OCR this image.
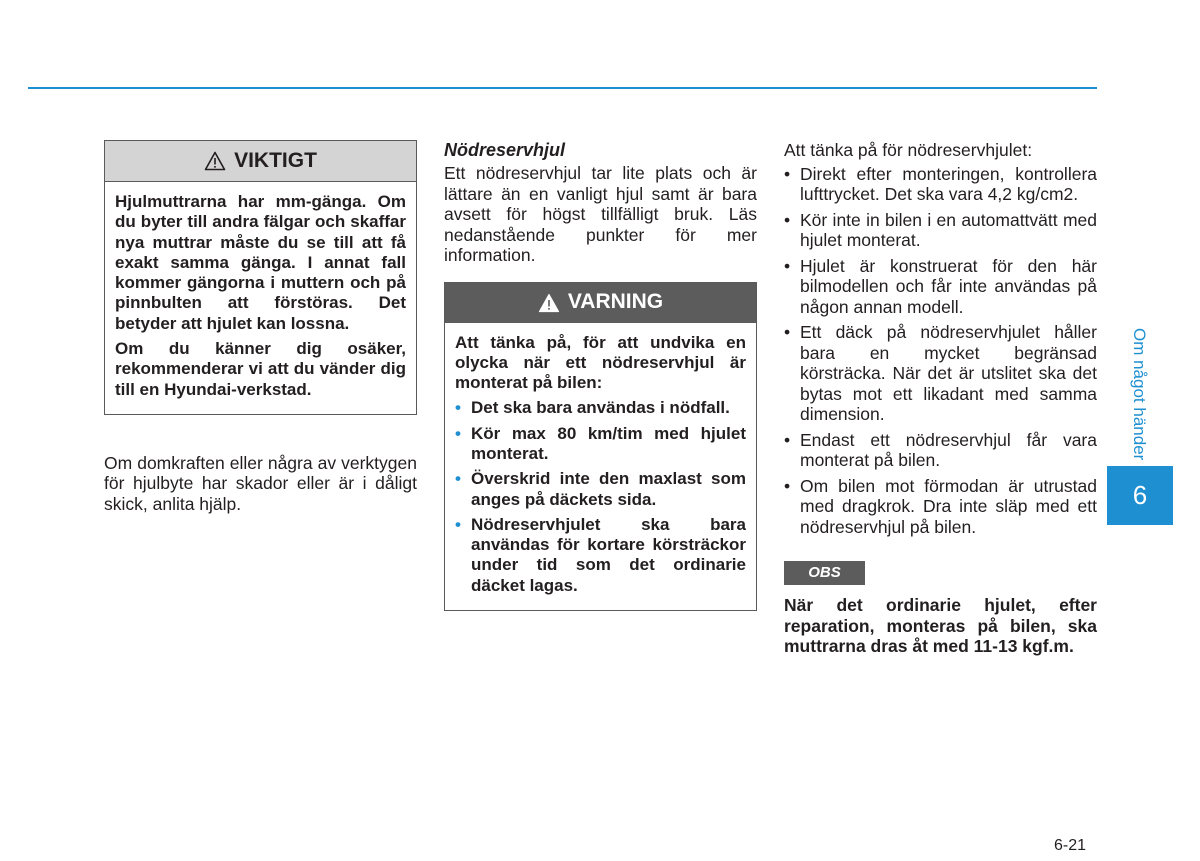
VIKTIGT

Hjulmuttrarna har mm-gänga. Om du byter till andra fälgar och skaffar nya muttrar måste du se till att få exakt samma gänga. I annat fall kommer gängorna i muttern och på pinnbulten att förstöras. Det betyder att hjulet kan lossna.

Om du känner dig osäker, rekommenderar vi att du vänder dig till en Hyundai-verkstad.

Om domkraften eller några av verktygen för hjulbyte har skador eller är i dåligt skick, anlita hjälp.

Nödreservhjul

Ett nödreservhjul tar lite plats och är lättare än en vanligt hjul samt är bara avsett för högst tillfälligt bruk. Läs nedanstående punkter för mer information.

VARNING

Att tänka på, för att undvika en olycka när ett nödreservhjul är monterat på bilen:

• Det ska bara användas i nödfall.
• Kör max 80 km/tim med hjulet monterat.
• Överskrid inte den maxlast som anges på däckets sida.
• Nödreservhjulet ska bara användas för kortare körsträckor under tid som det ordinarie däcket lagas.

Att tänka på för nödreservhjulet:

• Direkt efter monteringen, kontrollera lufttrycket. Det ska vara 4,2 kg/cm2.
• Kör inte in bilen i en automattvätt med hjulet monterat.
• Hjulet är konstruerat för den här bilmodellen och får inte användas på någon annan modell.
• Ett däck på nödreservhjulet håller bara en mycket begränsad körsträcka. När det är utslitet ska det bytas mot ett likadant med samma dimension.
• Endast ett nödreservhjul får vara monterat på bilen.
• Om bilen mot förmodan är utrustad med dragkrok. Dra inte släp med ett nödreservhjul på bilen.
OBS

När det ordinarie hjulet, efter reparation, monteras på bilen, ska muttrarna dras åt med 11-13 kgf.m.

Om något händer
6
6-21
